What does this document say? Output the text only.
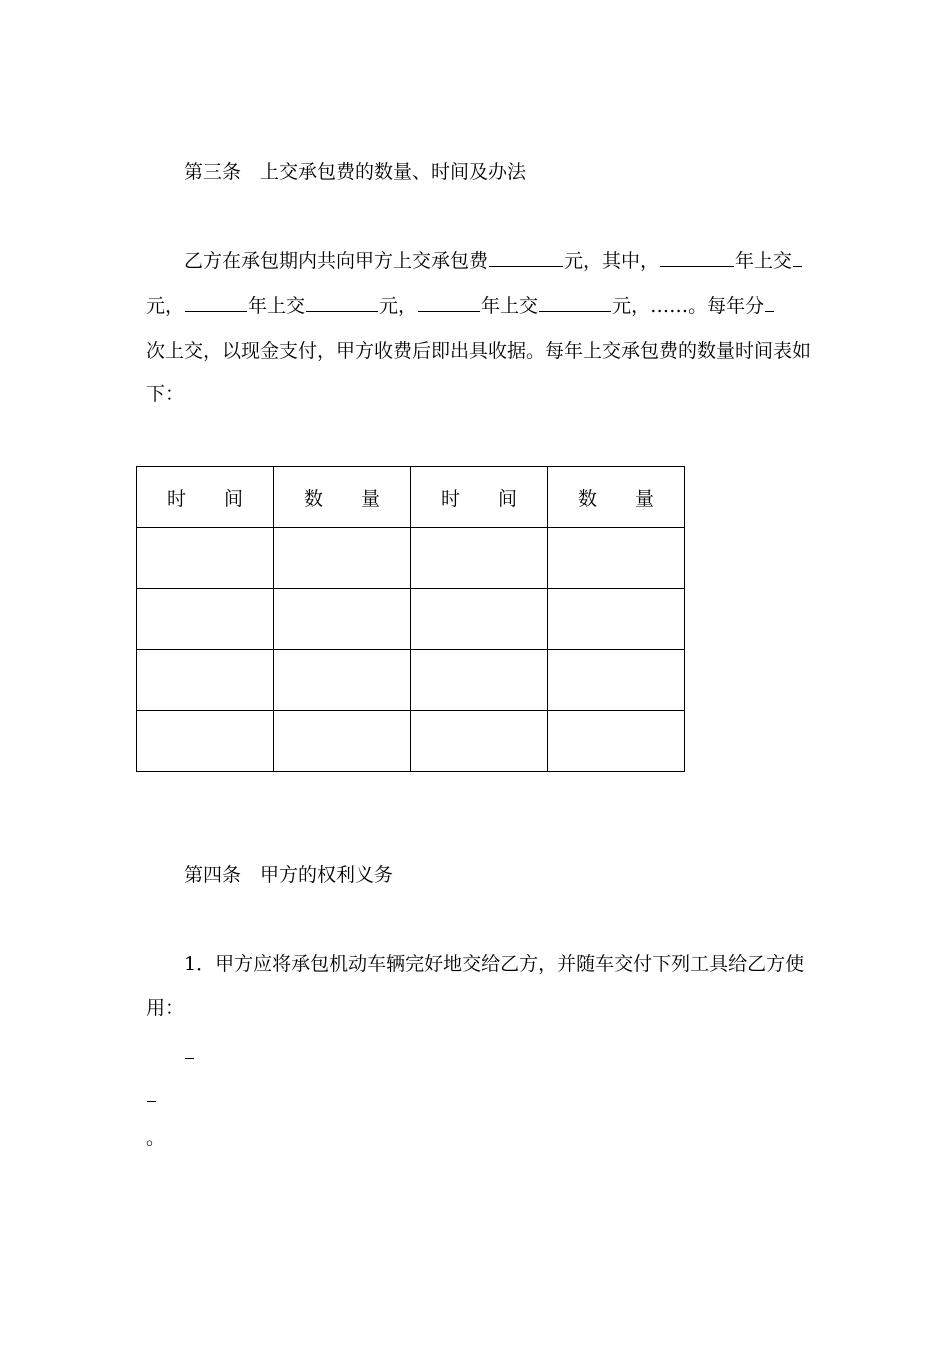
第三条 上交承包费的数量、时间及办法
乙方在承包期内共向甲方上交承包费	元，其中，	年上交
元，	年上交	元，	年上交	元，……。每年分
次上交，以现金支付，甲方收费后即出具收据。每年上交承包费的数量时间表如
下：
时　　间	数　　量	时　　间	数　　量

第四条 甲方的权利义务
1．甲方应将承包机动车辆完好地交给乙方，并随车交付下列工具给乙方使
用：
。
